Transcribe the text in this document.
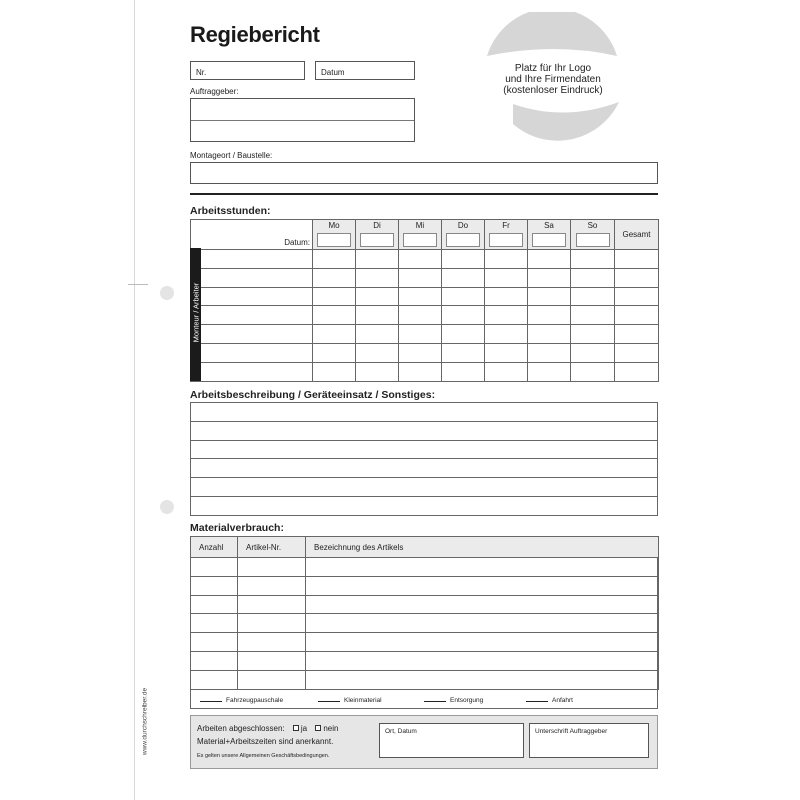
www.durchschreiber.de
Regiebericht
Nr.	Datum
Auftraggeber:
Montageort / Baustelle:
Platz für Ihr Logo
und Ihre Firmendaten
(kostenloser Eindruck)
Arbeitsstunden:
Datum:	Mo	Di	Mi	Do	Fr	Sa	So	Gesamt

Monteur / Arbeiter
Arbeitsbeschreibung / Geräteeinsatz / Sonstiges:

Materialverbrauch:
Anzahl	Artikel-Nr.	Bezeichnung des Artikels

Fahrzeugpauschale	Kleinmaterial	Entsorgung	Anfahrt
Arbeiten abgeschlossen: ja nein
Material+Arbeitszeiten sind anerkannt.
Es gelten unsere Allgemeinen Geschäftsbedingungen.
Ort, Datum	Unterschrift Auftraggeber
